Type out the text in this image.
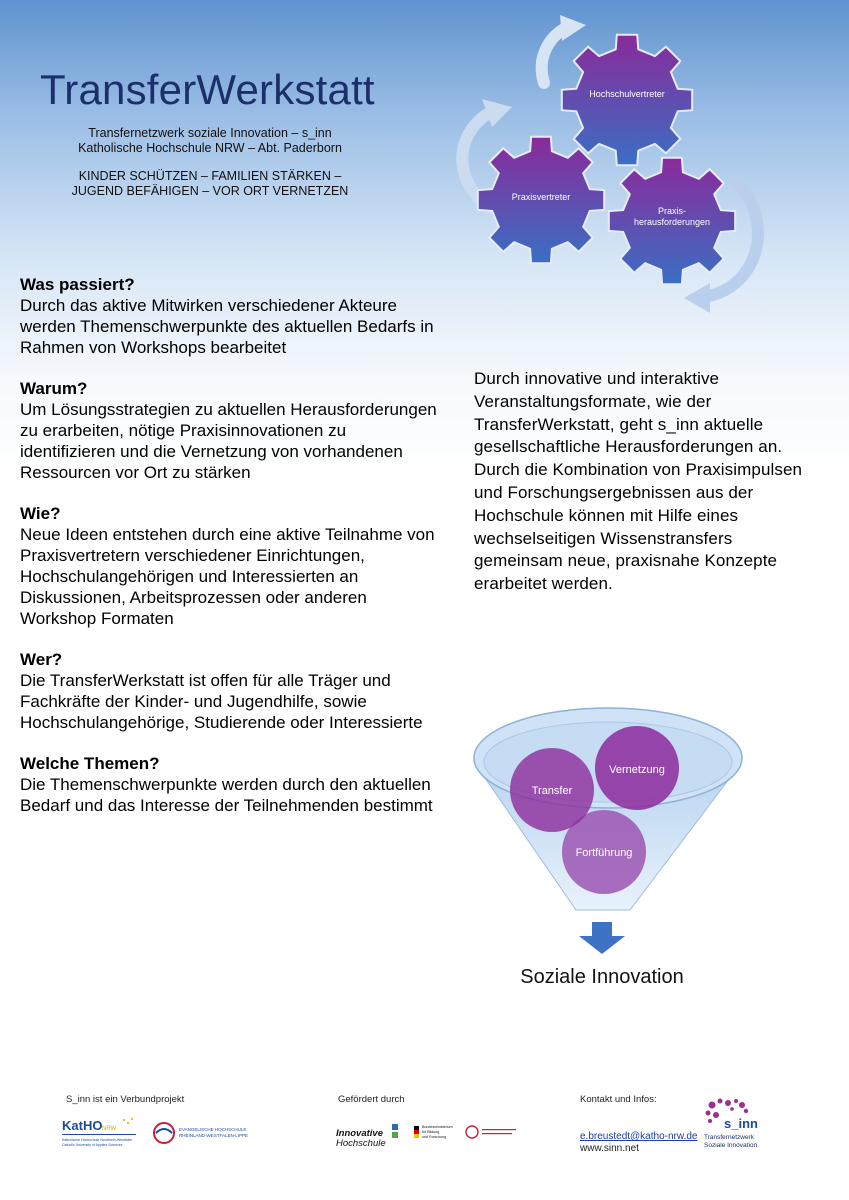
TransferWerkstatt
Transfernetzwerk soziale Innovation – s_inn
Katholische Hochschule NRW – Abt. Paderborn
KINDER SCHÜTZEN – FAMILIEN STÄRKEN –
JUGEND BEFÄHIGEN – VOR ORT VERNETZEN
Hochschulvertreter
Praxisvertreter
Praxis-
herausforderungen

Was passiert?

Durch das aktive Mitwirken verschiedener Akteure werden Themenschwerpunkte des aktuellen Bedarfs in Rahmen von Workshops bearbeitet

Warum?

Um Lösungsstrategien zu aktuellen Herausforderungen zu erarbeiten, nötige Praxisinnovationen zu identifizieren und die Vernetzung von vorhandenen Ressourcen vor Ort zu stärken

Wie?

Neue Ideen entstehen durch eine aktive Teilnahme von Praxisvertretern verschiedener Einrichtungen, Hochschulangehörigen und Interessierten an Diskussionen, Arbeitsprozessen oder anderen Workshop Formaten

Wer?

Die TransferWerkstatt ist offen für alle Träger und Fachkräfte der Kinder- und Jugendhilfe, sowie Hochschulangehörige, Studierende oder Interessierte

Welche Themen?

Die Themenschwerpunkte werden durch den aktuellen Bedarf und das Interesse der Teilnehmenden bestimmt

Durch innovative und interaktive Veranstaltungsformate, wie der TransferWerkstatt, geht s_inn aktuelle gesellschaftliche Herausforderungen an. Durch die Kombination von Praxisimpulsen und Forschungsergebnissen aus der Hochschule können mit Hilfe eines wechselseitigen Wissenstransfers gemeinsam neue, praxisnahe Konzepte erarbeitet werden.
Transfer
Vernetzung
Fortführung
Soziale Innovation
S_inn ist ein Verbundprojekt	Gefördert durch	Kontakt und Infos:
e.breustedt@katho-nrw.de
www.sinn.net
KatHO NRW
Katholische Hochschule Nordrhein-Westfalen
Catholic University of Applied Sciences
EVANGELISCHE HOCHSCHULE
RHEINLAND-WESTFALEN-LIPPE	Innovative
Hochschule
Bundesministerium
für Bildung
und Forschung
s_inn
Transfernetzwerk
Soziale Innovation
